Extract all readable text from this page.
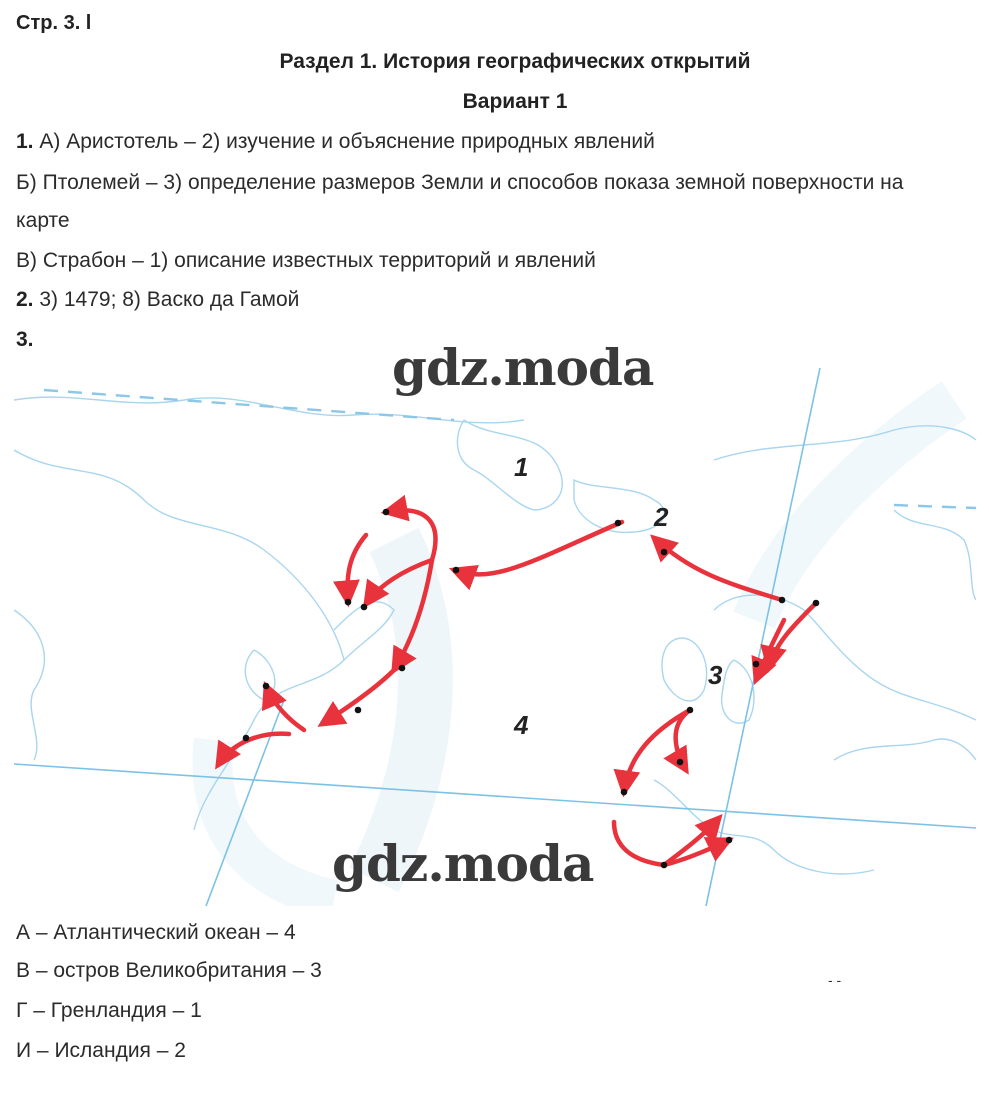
Стр. 3. l
Раздел 1. История географических открытий
Вариант 1
1. А) Аристотель – 2) изучение и объяснение природных явлений
Б) Птолемей – 3) определение размеров Земли и способов показа земной поверхности на
карте
В) Страбон – 1) описание известных территорий и явлений
2. 3) 1479; 8) Васко да Гамой
3.
1
2
3
4
gdz.moda
gdz.moda
А – Атлантический океан – 4
В – остров Великобритания – 3
Г – Гренландия – 1
И – Исландия – 2
- -
